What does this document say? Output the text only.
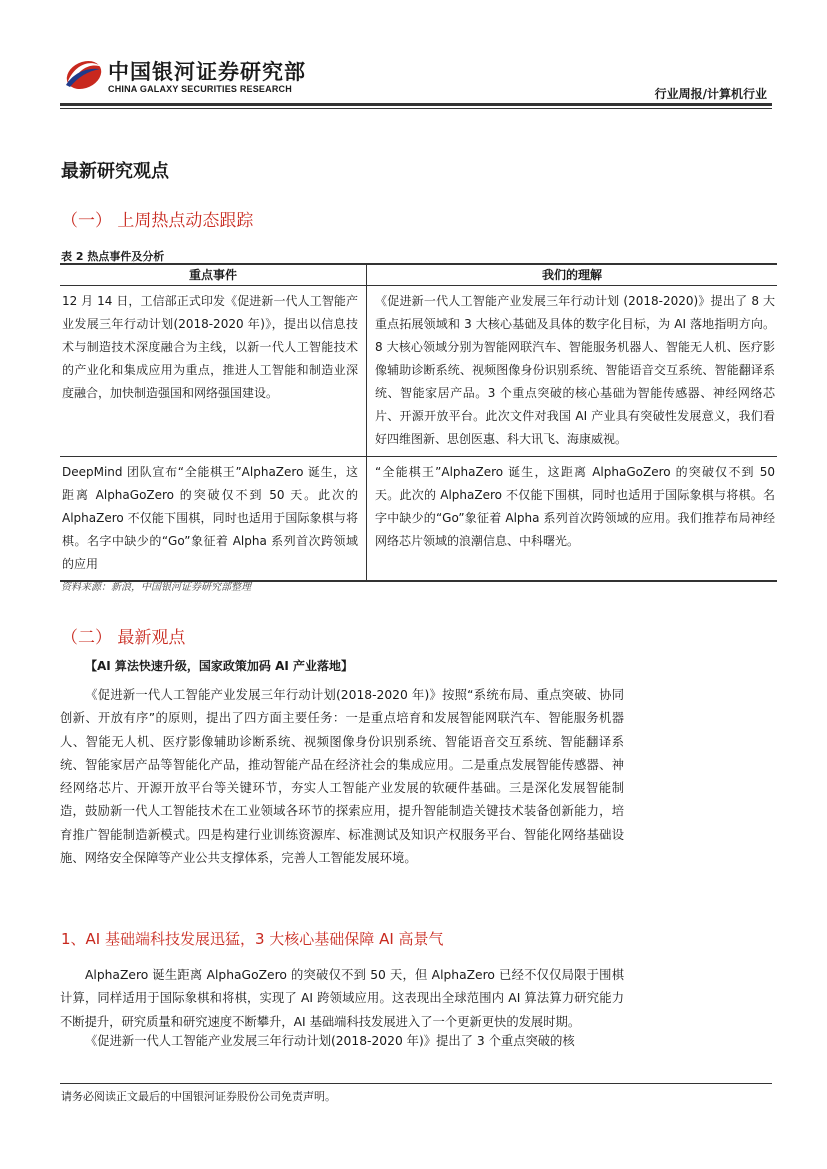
中国银河证券研究部
CHINA GALAXY SECURITIES RESEARCH	行业周报/计算机行业
最新研究观点
（一） 上周热点动态跟踪
表 2 热点事件及分析
重点事件	我们的理解
12 月 14 日，工信部正式印发《促进新一代人工智能产业发展三年行动计划(2018-2020 年)》，提出以信息技术与制造技术深度融合为主线，以新一代人工智能技术的产业化和集成应用为重点，推进人工智能和制造业深度融合，加快制造强国和网络强国建设。	《促进新一代人工智能产业发展三年行动计划 (2018-2020)》提出了 8 大重点拓展领域和 3 大核心基础及具体的数字化目标，为 AI 落地指明方向。8 大核心领域分别为智能网联汽车、智能服务机器人、智能无人机、医疗影像辅助诊断系统、视频图像身份识别系统、智能语音交互系统、智能翻译系统、智能家居产品。3 个重点突破的核心基础为智能传感器、神经网络芯片、开源开放平台。此次文件对我国 AI 产业具有突破性发展意义，我们看好四维图新、思创医惠、科大讯飞、海康威视。
DeepMind 团队宣布“全能棋王”AlphaZero 诞生，这距离 AlphaGoZero 的突破仅不到 50 天。此次的 AlphaZero 不仅能下围棋，同时也适用于国际象棋与将棋。名字中缺少的“Go”象征着 Alpha 系列首次跨领域的应用	“全能棋王”AlphaZero 诞生，这距离 AlphaGoZero 的突破仅不到 50 天。此次的 AlphaZero 不仅能下围棋，同时也适用于国际象棋与将棋。名字中缺少的“Go”象征着 Alpha 系列首次跨领域的应用。我们推荐布局神经网络芯片领域的浪潮信息、中科曙光。
资料来源：新浪，中国银河证券研究部整理
（二） 最新观点
【AI 算法快速升级，国家政策加码 AI 产业落地】
《促进新一代人工智能产业发展三年行动计划(2018-2020 年)》按照“系统布局、重点突破、协同创新、开放有序”的原则，提出了四方面主要任务：一是重点培育和发展智能网联汽车、智能服务机器人、智能无人机、医疗影像辅助诊断系统、视频图像身份识别系统、智能语音交互系统、智能翻译系统、智能家居产品等智能化产品，推动智能产品在经济社会的集成应用。二是重点发展智能传感器、神经网络芯片、开源开放平台等关键环节，夯实人工智能产业发展的软硬件基础。三是深化发展智能制造，鼓励新一代人工智能技术在工业领域各环节的探索应用，提升智能制造关键技术装备创新能力，培育推广智能制造新模式。四是构建行业训练资源库、标准测试及知识产权服务平台、智能化网络基础设施、网络安全保障等产业公共支撑体系，完善人工智能发展环境。
1、AI 基础端科技发展迅猛，3 大核心基础保障 AI 高景气
AlphaZero 诞生距离 AlphaGoZero 的突破仅不到 50 天，但 AlphaZero 已经不仅仅局限于围棋计算，同样适用于国际象棋和将棋，实现了 AI 跨领域应用。这表现出全球范围内 AI 算法算力研究能力不断提升，研究质量和研究速度不断攀升，AI 基础端科技发展进入了一个更新更快的发展时期。
《促进新一代人工智能产业发展三年行动计划(2018-2020 年)》提出了 3 个重点突破的核
请务必阅读正文最后的中国银河证券股份公司免责声明。
